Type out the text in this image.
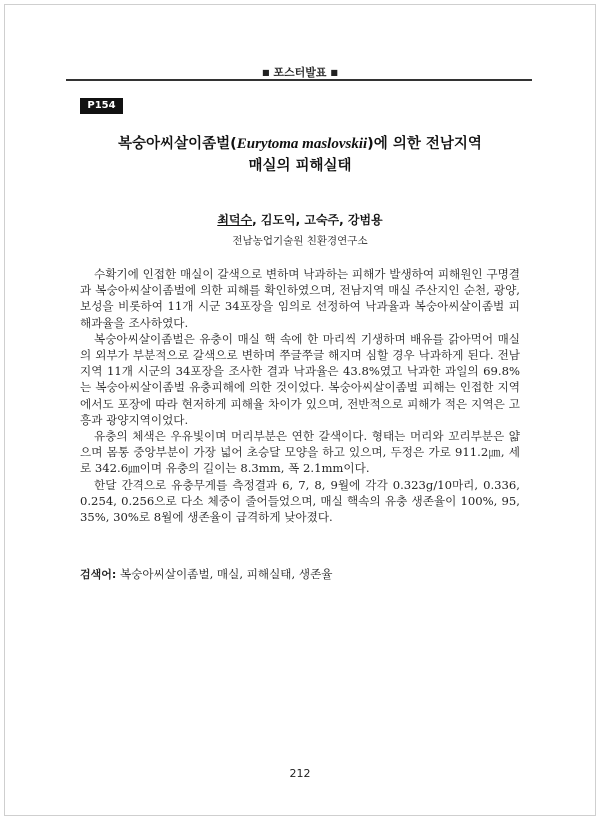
■ 포스터발표 ■
P154
복숭아씨살이좀벌(Eurytoma maslovskii)에 의한 전남지역
매실의 피해실태
최덕수, 김도익, 고숙주, 강범용
전남농업기술원 친환경연구소

수확기에 인접한 매실이 갈색으로 변하며 낙과하는 피해가 발생하여 피해원인 구명결과 복숭아씨살이좀벌에 의한 피해를 확인하였으며, 전남지역 매실 주산지인 순천, 광양, 보성을 비롯하여 11개 시군 34포장을 임의로 선정하여 낙과율과 복숭아씨살이좀벌 피해과율을 조사하였다.

복숭아씨살이좀벌은 유충이 매실 핵 속에 한 마리씩 기생하며 배유를 갉아먹어 매실의 외부가 부분적으로 갈색으로 변하며 쭈글쭈글 해지며 심할 경우 낙과하게 된다. 전남지역 11개 시군의 34포장을 조사한 결과 낙과율은 43.8%였고 낙과한 과일의 69.8%는 복숭아씨살이좀벌 유충피해에 의한 것이었다. 복숭아씨살이좀벌 피해는 인접한 지역에서도 포장에 따라 현저하게 피해율 차이가 있으며, 전반적으로 피해가 적은 지역은 고흥과 광양지역이었다.

유충의 체색은 우유빛이며 머리부분은 연한 갈색이다. 형태는 머리와 꼬리부분은 얇으며 몸통 중앙부분이 가장 넓어 초승달 모양을 하고 있으며, 두정은 가로 911.2㎛, 세로 342.6㎛이며 유충의 길이는 8.3mm, 폭 2.1mm이다.

한달 간격으로 유충무게를 측정결과 6, 7, 8, 9월에 각각 0.323g/10마리, 0.336, 0.254, 0.256으로 다소 체중이 줄어들었으며, 매실 핵속의 유충 생존율이 100%, 95, 35%, 30%로 8월에 생존율이 급격하게 낮아졌다.

검색어: 복숭아씨살이좀벌, 매실, 피해실태, 생존율
212
